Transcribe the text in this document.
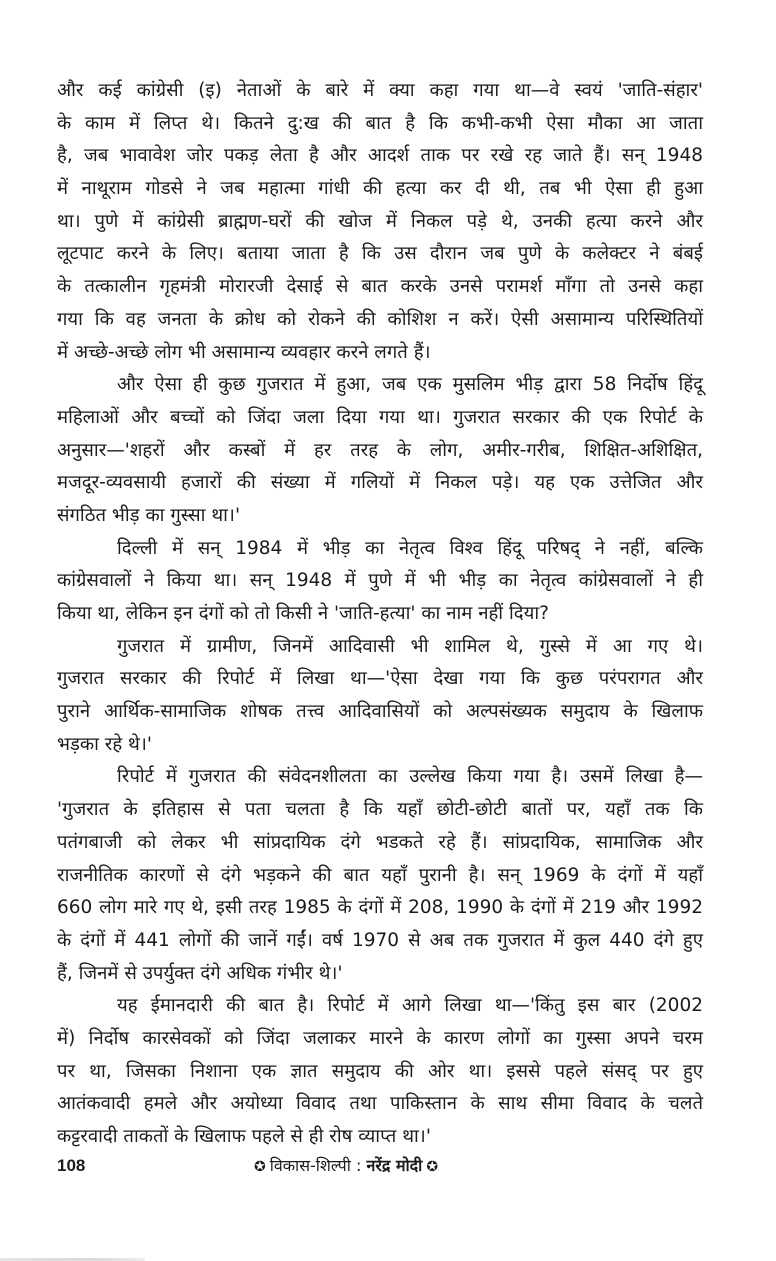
और कई कांग्रेसी (इ) नेताओं के बारे में क्या कहा गया था—वे स्वयं 'जाति-संहार'
के काम में लिप्त थे। कितने दु:ख की बात है कि कभी-कभी ऐसा मौका आ जाता
है, जब भावावेश जोर पकड़ लेता है और आदर्श ताक पर रखे रह जाते हैं। सन् 1948
में नाथूराम गोडसे ने जब महात्मा गांधी की हत्या कर दी थी, तब भी ऐसा ही हुआ
था। पुणे में कांग्रेसी ब्राह्मण-घरों की खोज में निकल पड़े थे, उनकी हत्या करने और
लूटपाट करने के लिए। बताया जाता है कि उस दौरान जब पुणे के कलेक्टर ने बंबई
के तत्कालीन गृहमंत्री मोरारजी देसाई से बात करके उनसे परामर्श माँगा तो उनसे कहा
गया कि वह जनता के क्रोध को रोकने की कोशिश न करें। ऐसी असामान्य परिस्थितियों
में अच्छे-अच्छे लोग भी असामान्य व्यवहार करने लगते हैं।
और ऐसा ही कुछ गुजरात में हुआ, जब एक मुसलिम भीड़ द्वारा 58 निर्दोष हिंदू
महिलाओं और बच्चों को जिंदा जला दिया गया था। गुजरात सरकार की एक रिपोर्ट के
अनुसार—'शहरों और कस्बों में हर तरह के लोग, अमीर-गरीब, शिक्षित-अशिक्षित,
मजदूर-व्यवसायी हजारों की संख्या में गलियों में निकल पड़े। यह एक उत्तेजित और
संगठित भीड़ का गुस्सा था।'
दिल्ली में सन् 1984 में भीड़ का नेतृत्व विश्व हिंदू परिषद् ने नहीं, बल्कि
कांग्रेसवालों ने किया था। सन् 1948 में पुणे में भी भीड़ का नेतृत्व कांग्रेसवालों ने ही
किया था, लेकिन इन दंगों को तो किसी ने 'जाति-हत्या' का नाम नहीं दिया?
गुजरात में ग्रामीण, जिनमें आदिवासी भी शामिल थे, गुस्से में आ गए थे।
गुजरात सरकार की रिपोर्ट में लिखा था—'ऐसा देखा गया कि कुछ परंपरागत और
पुराने आर्थिक-सामाजिक शोषक तत्त्व आदिवासियों को अल्पसंख्यक समुदाय के खिलाफ
भड़का रहे थे।'
रिपोर्ट में गुजरात की संवेदनशीलता का उल्लेख किया गया है। उसमें लिखा है—
'गुजरात के इतिहास से पता चलता है कि यहाँ छोटी-छोटी बातों पर, यहाँ तक कि
पतंगबाजी को लेकर भी सांप्रदायिक दंगे भडकते रहे हैं। सांप्रदायिक, सामाजिक और
राजनीतिक कारणों से दंगे भड़कने की बात यहाँ पुरानी है। सन् 1969 के दंगों में यहाँ
660 लोग मारे गए थे, इसी तरह 1985 के दंगों में 208, 1990 के दंगों में 219 और 1992
के दंगों में 441 लोगों की जानें गईं। वर्ष 1970 से अब तक गुजरात में कुल 440 दंगे हुए
हैं, जिनमें से उपर्युक्त दंगे अधिक गंभीर थे।'
यह ईमानदारी की बात है। रिपोर्ट में आगे लिखा था—'किंतु इस बार (2002
में) निर्दोष कारसेवकों को जिंदा जलाकर मारने के कारण लोगों का गुस्सा अपने चरम
पर था, जिसका निशाना एक ज्ञात समुदाय की ओर था। इससे पहले संसद् पर हुए
आतंकवादी हमले और अयोध्या विवाद तथा पाकिस्तान के साथ सीमा विवाद के चलते
कट्टरवादी ताकतों के खिलाफ पहले से ही रोष व्याप्त था।'
108	✪ विकास-शिल्पी : नरेंद्र मोदी ✪
